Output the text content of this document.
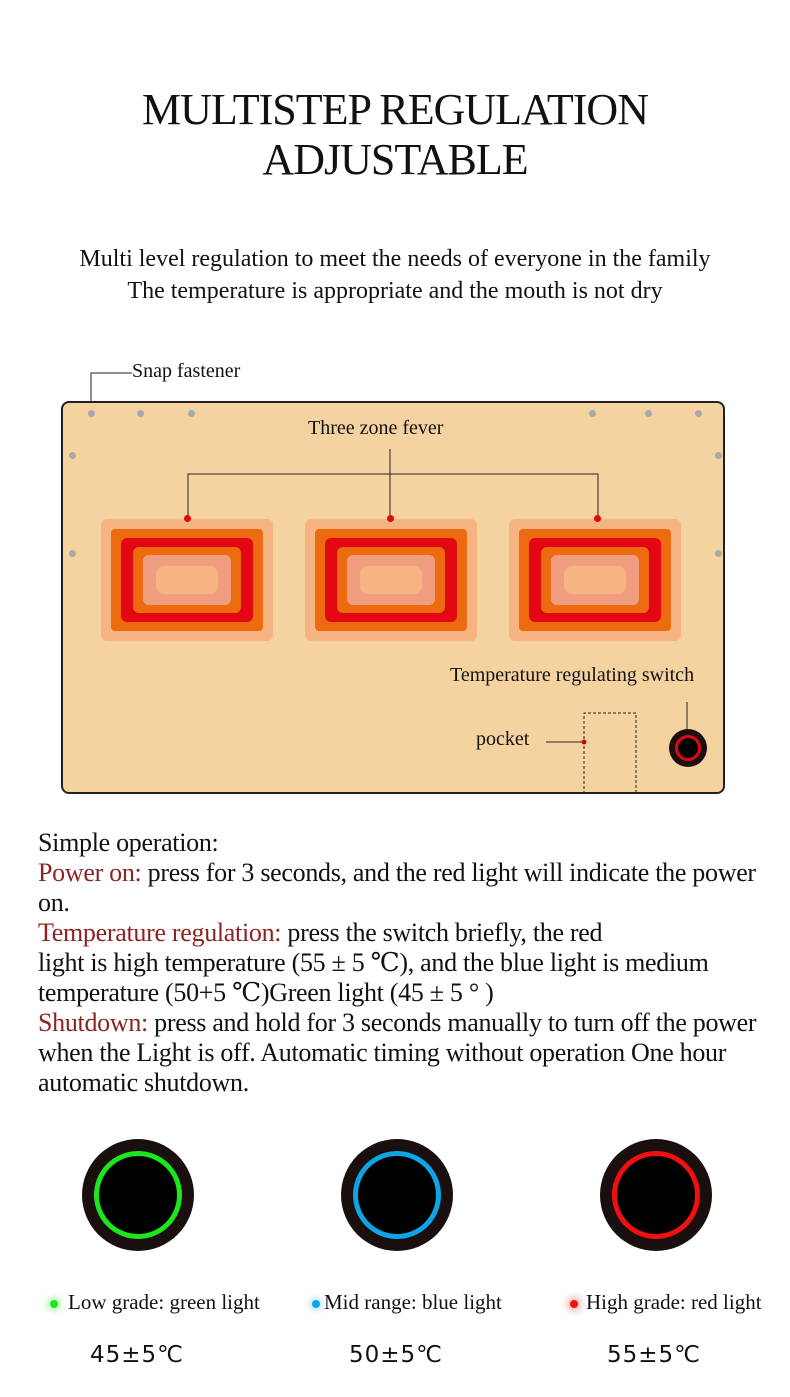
MULTISTEP REGULATION
ADJUSTABLE
Multi level regulation to meet the needs of everyone in the family
The temperature is appropriate and the mouth is not dry
Snap fastener
Three zone fever
Temperature regulating switch
pocket
Simple operation:
Power on: press for 3 seconds, and the red light will indicate the power on.
Temperature regulation: press the switch briefly, the red
light is high temperature (55 ± 5 ℃), and the blue light is medium temperature (50+5 ℃)Green light (45 ± 5 ° )
Shutdown: press and hold for 3 seconds manually to turn off the power when the Light is off. Automatic timing without operation One hour automatic shutdown.
Low grade: green light	Mid range: blue light	High grade: red light
45±5℃	50±5℃	55±5℃
